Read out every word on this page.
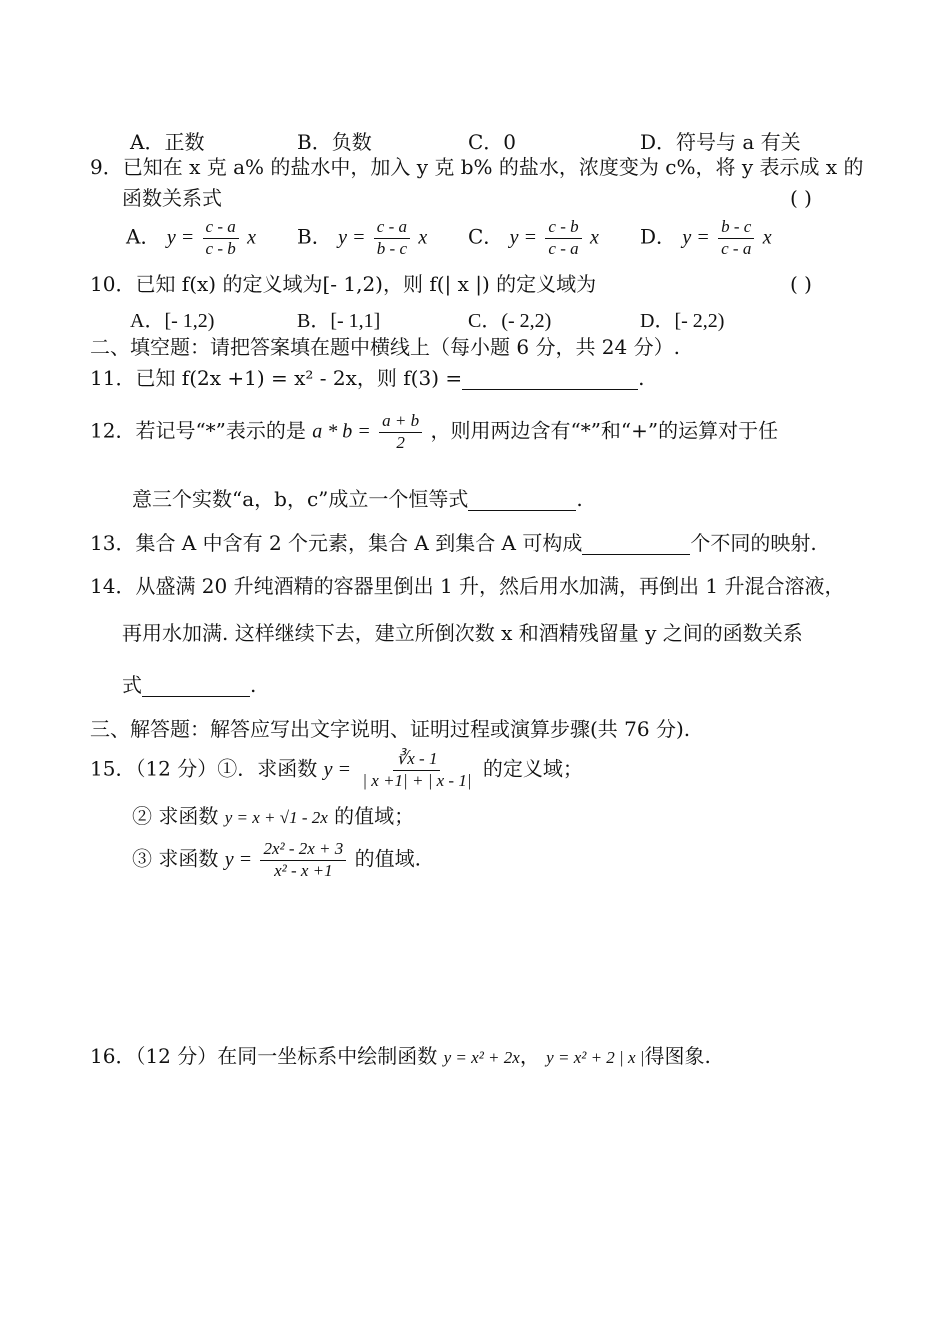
A．正数	B．负数	C．0	D．符号与 a 有关
9．已知在 x 克 a% 的盐水中，加入 y 克 b% 的盐水，浓度变为 c%，将 y 表示成 x 的
函数关系式	( )
A． $y = \frac{c - a}{c - b}$ x B． $y = \frac{c - a}{b - c}$ x C． $y = \frac{c - b}{c - a}$ x D． $y = \frac{b - c}{c - a}$ x
10．已知 f(x) 的定义域为[- 1,2)，则 f(| x |) 的定义域为	( )
A．[- 1,2)	B．[- 1,1]	C．(- 2,2)	D．[- 2,2)
二、填空题：请把答案填在题中横线上（每小题 6 分，共 24 分）.
11．已知 f(2x +1) = x² - 2x，则 f(3) =	.
12．若记号“*”表示的是 $a * b = \frac{a + b}{2}$ ，则用两边含有“*”和“+”的运算对于任
意三个实数“a，b，c”成立一个恒等式	.
13．集合 A 中含有 2 个元素，集合 A 到集合 A 可构成	个不同的映射.
14．从盛满 20 升纯酒精的容器里倒出 1 升，然后用水加满，再倒出 1 升混合溶液，
再用水加满. 这样继续下去，建立所倒次数 x 和酒精残留量 y 之间的函数关系
式	.
三、解答题：解答应写出文字说明、证明过程或演算步骤(共 76 分).
15．（12 分）①．求函数 $y = \frac{∛x - 1}{| x +1| + | x - 1|}$ 的定义域；
② 求函数 y = x + √1 - 2x 的值域；
③ 求函数 $y = \frac{\text{2x² - 2x + 3}}{\text{x² - x +1}}$ 的值域.
16．（12 分）在同一坐标系中绘制函数 y = x² + 2x， y = x² + 2 | x |得图象.
